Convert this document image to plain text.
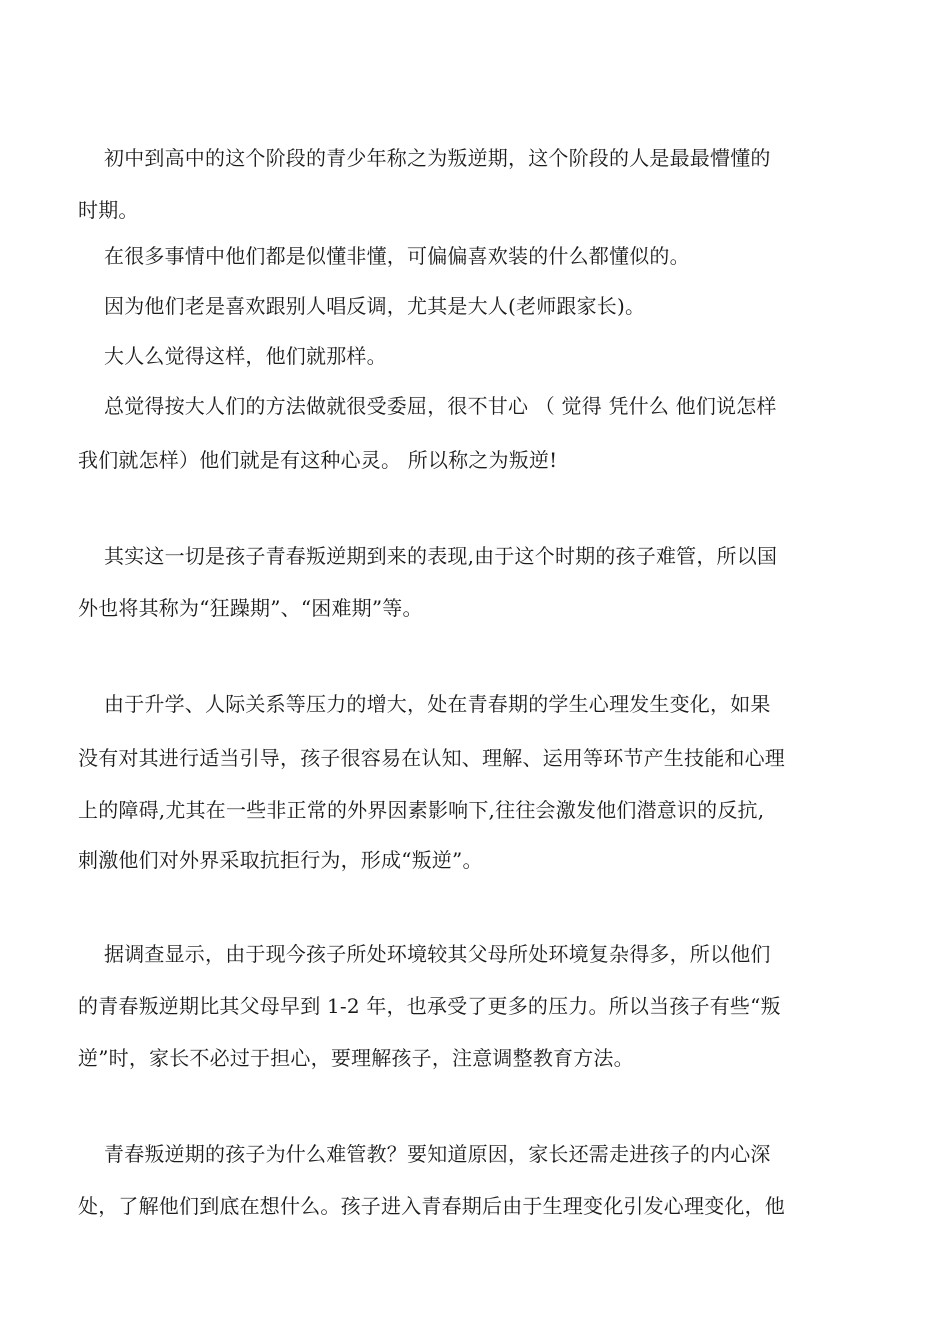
初中到高中的这个阶段的青少年称之为叛逆期，这个阶段的人是最最懵懂的
时期。
在很多事情中他们都是似懂非懂，可偏偏喜欢装的什么都懂似的。
因为他们老是喜欢跟别人唱反调，尤其是大人(老师跟家长)。
大人么觉得这样，他们就那样。
总觉得按大人们的方法做就很受委屈，很不甘心 （ 觉得 凭什么 他们说怎样
我们就怎样）他们就是有这种心灵。 所以称之为叛逆!
其实这一切是孩子青春叛逆期到来的表现,由于这个时期的孩子难管，所以国
外也将其称为“狂躁期”、“困难期”等。
由于升学、人际关系等压力的增大，处在青春期的学生心理发生变化，如果
没有对其进行适当引导，孩子很容易在认知、理解、运用等环节产生技能和心理
上的障碍,尤其在一些非正常的外界因素影响下,往往会激发他们潜意识的反抗,
刺激他们对外界采取抗拒行为，形成“叛逆”。
据调查显示，由于现今孩子所处环境较其父母所处环境复杂得多，所以他们
的青春叛逆期比其父母早到 1-2 年，也承受了更多的压力。所以当孩子有些“叛
逆”时，家长不必过于担心，要理解孩子，注意调整教育方法。
青春叛逆期的孩子为什么难管教？要知道原因，家长还需走进孩子的内心深
处，了解他们到底在想什么。孩子进入青春期后由于生理变化引发心理变化，他
